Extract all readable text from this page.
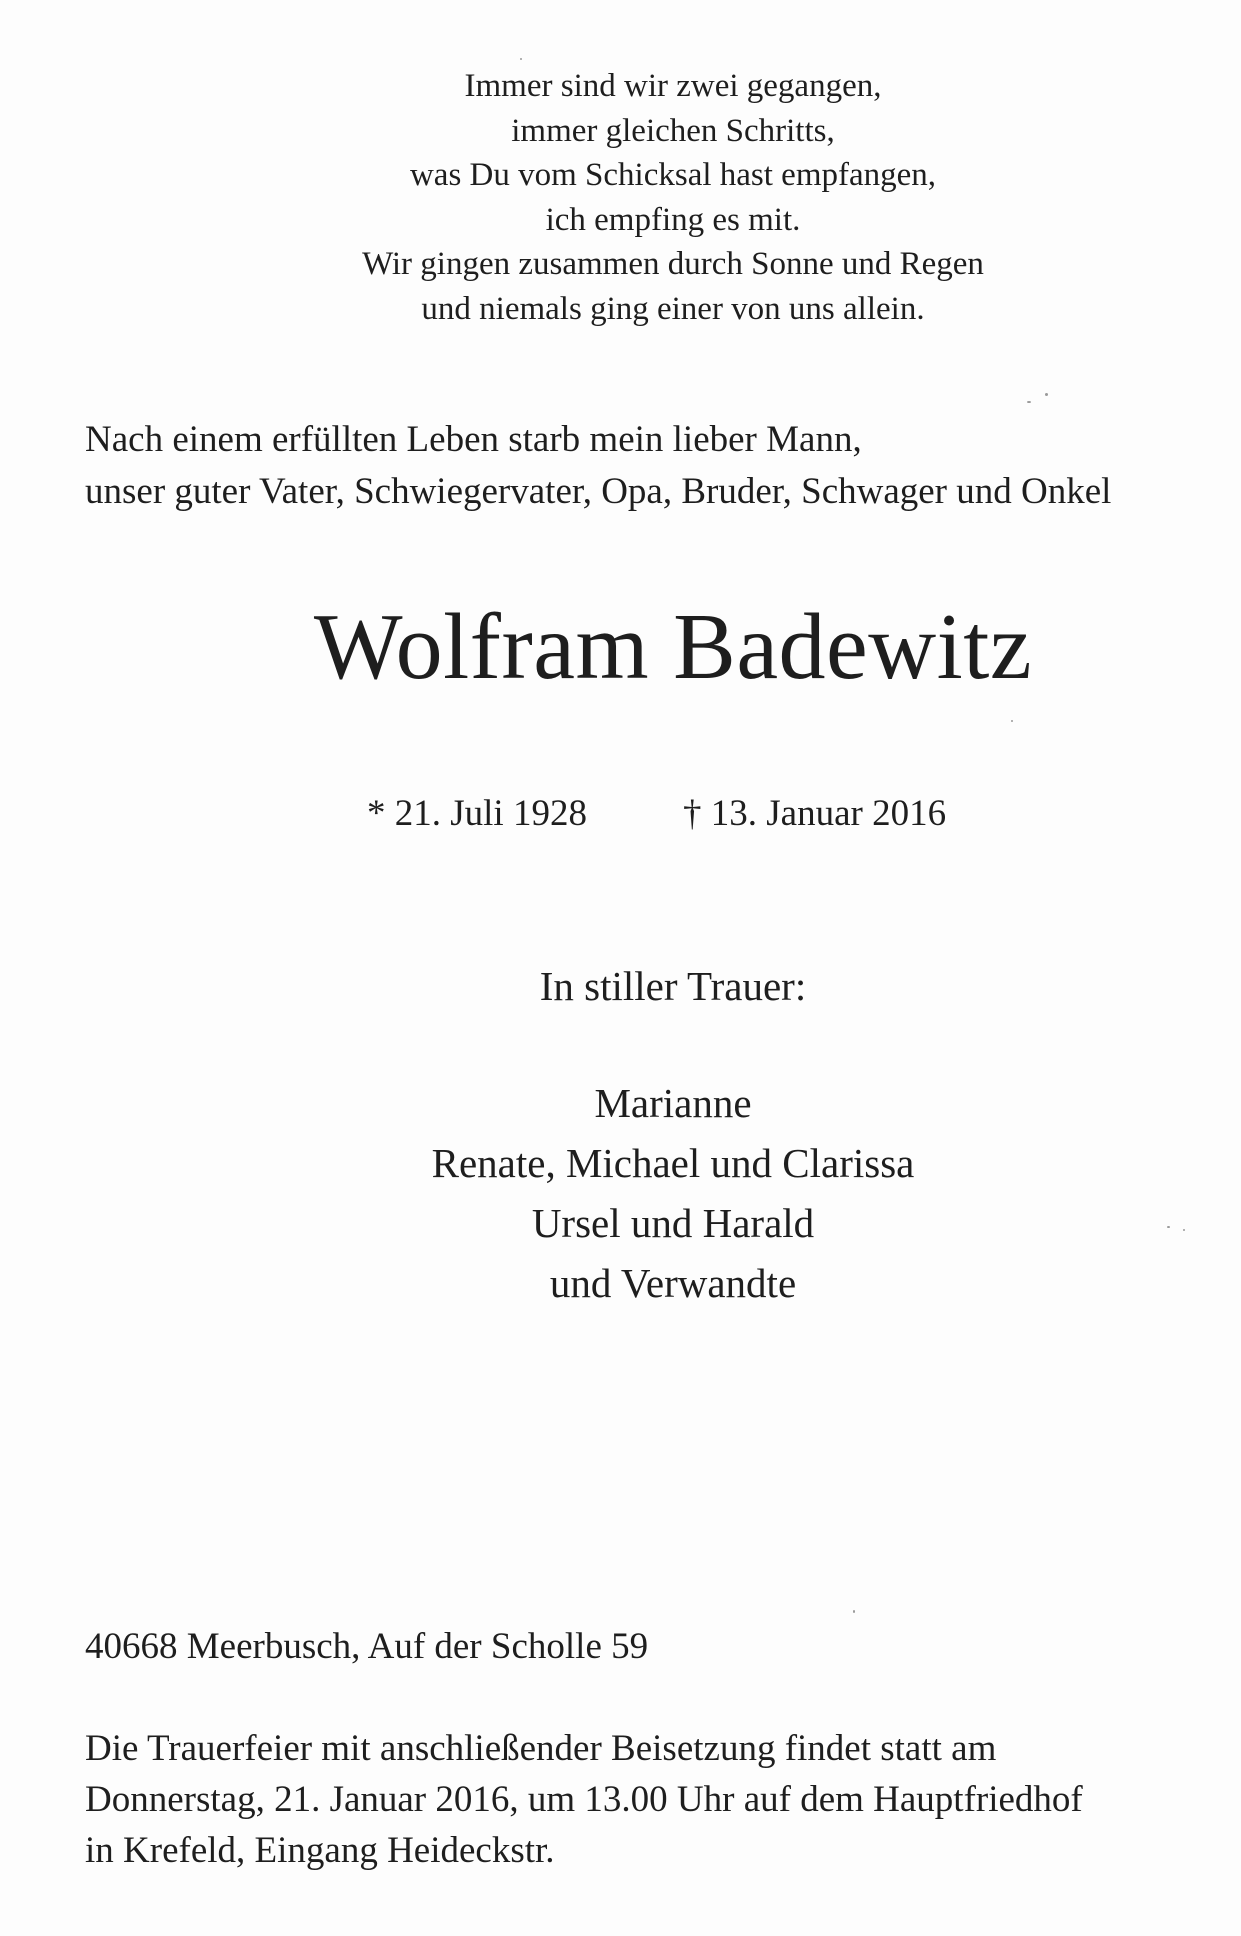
Immer sind wir zwei gegangen,
immer gleichen Schritts,
was Du vom Schicksal hast empfangen,
ich empfing es mit.
Wir gingen zusammen durch Sonne und Regen
und niemals ging einer von uns allein.
Nach einem erfüllten Leben starb mein lieber Mann,
unser guter Vater, Schwiegervater, Opa, Bruder, Schwager und Onkel
Wolfram Badewitz
* 21. Juli 1928	† 13. Januar 2016
In stiller Trauer:
Marianne
Renate, Michael und Clarissa
Ursel und Harald
und Verwandte
40668 Meerbusch, Auf der Scholle 59
Die Trauerfeier mit anschließender Beisetzung findet statt am
Donnerstag, 21. Januar 2016, um 13.00 Uhr auf dem Hauptfriedhof
in Krefeld, Eingang Heideckstr.
